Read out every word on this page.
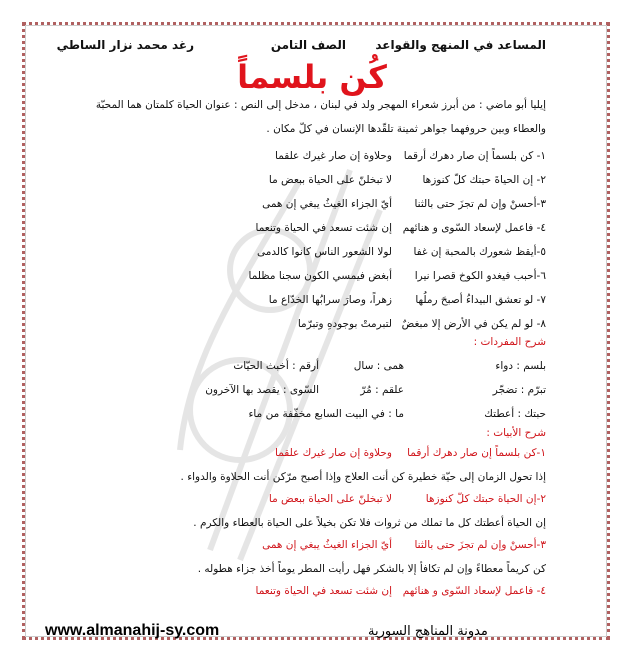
المساعد في المنهج والقواعد
الصف التامن
رغد محمد نزار الساطي
كُن بلسماً
إيليا أبو ماضي : من أبرز شعراء المهجر ولد في لبنان ، مدخل إلى النص : عنوان الحياة كلمتان هما المحبّة
والعطاء وبين حروفهما جواهر ثمينة تلقّدها الإنسان في كلّ مكان .
١- كن بلسماً إن صار دهرك أرقما
وحلاوة إن صار غيرك علقما
٢- إن الحياةَ حبتك كلّ كنوزها
لا تبخلنّ على الحياة ببعض ما
٣-أحسنْ وإن لم تجزَ حتى بالثنا
أيّ الجزاء الغيثُ يبغي إن همى
٤- فاعمل لإسعاد السّوى و هنائهم
إن شئت تسعد في الحياة وتنعما
٥-أيقظ شعورك بالمحبة إن غفا
لولا الشعور الناس كانوا كالدمى
٦-أحبب فيغدو الكوخ قصرا نيرا
أبغض فيمسي الكون سجنا مظلما
٧- لو تعشق البيداءُ أصبحَ رملُها
زهراً، وصارَ سرابُها الخدّاع ما
٨- لو لم يكن في الأرض إلا مبغضٌ
لتبرمتْ بوجودهِ وتبرّما
شرح المفردات :
بلسم : دواء
همى : سال
أرقم : أخبث الحيّات
تبرّم : تضجّر
علقم : مُرّ
السّوى : يقصد بها الآخرون
حبتك : أعطتك
ما : في البيت السابع مخفّفة من ماء
شرح الأبيات :
١-كن بلسماً إن صار دهرك أرقما
وحلاوة إن صار غيرك علقما
إذا تحول الزمان إلى حيّة خطيرة كن أنت العلاج وإذا أصبح مرّكن أنت الحلاوة والدواء .
٢-إن الحياة حبتك كلّ كنوزها
لا تبخلنّ على الحياة ببعض ما
إن الحياة أعطتك كل ما تملك من ثروات فلا تكن بخيلاً على الحياة بالعطاء والكرم .
٣-أحسنْ وإن لم تجزَ حتى بالثنا
أيّ الجزاء الغيثُ يبغي إن همى
كن كريماً معطاءً وإن لم تكافأ إلا بالشكر فهل رأيت المطر يوماً أخذ جزاء هطوله .
٤- فاعمل لإسعاد السّوى و هنائهم
إن شئت تسعد في الحياة وتنعما
www.almanahij-sy.com	مدونة المناهج السورية
